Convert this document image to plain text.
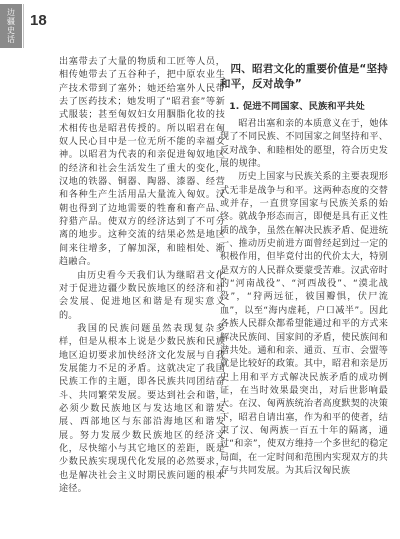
边疆史话 18

出塞带去了大量的物质和工匠等人员，相传她带去了五谷种子，把中原农业生产技术带到了塞外；她还给塞外人民带去了医药技术；她发明了“昭君套”等新式服装；甚至匈奴妇女用胭脂化妆的技术相传也是昭君传授的。所以昭君在匈奴人民心目中是一位无所不能的幸福女神。以昭君为代表的和亲促进匈奴地区的经济和社会生活发生了重大的变化，汉地的铁器、铜器、陶器、漆器、经营和各种生产生活用品大量流入匈奴。汉朝也得到了边地需要的牲畜和畜产品、狩猎产品。使双方的经济达到了不可分离的地步。这种交流的结果必然是地区间来往增多，了解加深，和睦相处、渐趋融合。

由历史看今天我们认为继昭君文化对于促进边疆少数民族地区的经济和社会发展、促进地区和谐是有现实意义的。

我国的民族问题虽然表现复杂多样，但是从根本上说是少数民族和民族地区迫切要求加快经济文化发展与自我发展能力不足的矛盾。这就决定了我国民族工作的主题，即各民族共同团结奋斗、共同繁荣发展。要达到社会和谐，必须少数民族地区与发达地区和谐发展、西部地区与东部沿海地区和谐发展。努力发展少数民族地区的经济文化，尽快缩小与其它地区的差距，既是少数民族实现现代化发展的必然要求，也是解决社会主义时期民族问题的根本途径。

四、昭君文化的重要价值是“坚持和平，反对战争”
1. 促进不同国家、民族和平共处

昭君出塞和亲的本质意义在于，她体现了不同民族、不同国家之间坚持和平、反对战争、和睦相处的愿望，符合历史发展的规律。

历史上国家与民族关系的主要表现形式无非是战争与和平。这两种态度的交替或并存，一直贯穿国家与民族关系的始终。就战争形态而言，即便是具有正义性质的战争，虽然在解决民族矛盾、促进统一、推动历史前进方面曾经起到过一定的积极作用，但毕竟付出的代价太大，特别是双方的人民群众要蒙受苦难。汉武帝时的“河南战役”、“河西战役”、“漠北战役”，“狩两远征，彼国瓣惧，伏尸流血”，以至“海内虚耗，户口减半”。因此各族人民群众都希望能通过和平的方式来解决民族间、国家间的矛盾，使民族间和谐共处。通和和亲、通贡、互市、会盟等就是比较好的政策。其中，昭君和亲是历史上用和平方式解决民族矛盾的成功例证，在当时效果最突出，对后世影响最大。在汉、匈两族统治者高度默契的决策下，昭君自请出塞，作为和平的使者，结束了汉、匈两族一百五十年的隔离，通过“和亲”，使双方维持一个多世纪的稳定局面，在一定时间和范围内实现双方的共存与共同发展。为其后汉匈民族
